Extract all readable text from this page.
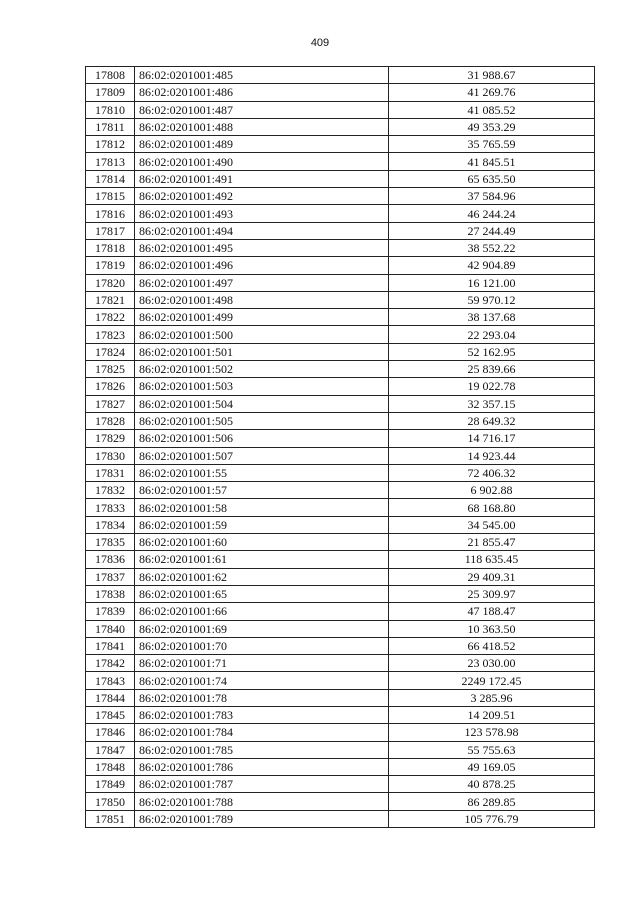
409
17808	86:02:0201001:485	31 988.67
17809	86:02:0201001:486	41 269.76
17810	86:02:0201001:487	41 085.52
17811	86:02:0201001:488	49 353.29
17812	86:02:0201001:489	35 765.59
17813	86:02:0201001:490	41 845.51
17814	86:02:0201001:491	65 635.50
17815	86:02:0201001:492	37 584.96
17816	86:02:0201001:493	46 244.24
17817	86:02:0201001:494	27 244.49
17818	86:02:0201001:495	38 552.22
17819	86:02:0201001:496	42 904.89
17820	86:02:0201001:497	16 121.00
17821	86:02:0201001:498	59 970.12
17822	86:02:0201001:499	38 137.68
17823	86:02:0201001:500	22 293.04
17824	86:02:0201001:501	52 162.95
17825	86:02:0201001:502	25 839.66
17826	86:02:0201001:503	19 022.78
17827	86:02:0201001:504	32 357.15
17828	86:02:0201001:505	28 649.32
17829	86:02:0201001:506	14 716.17
17830	86:02:0201001:507	14 923.44
17831	86:02:0201001:55	72 406.32
17832	86:02:0201001:57	6 902.88
17833	86:02:0201001:58	68 168.80
17834	86:02:0201001:59	34 545.00
17835	86:02:0201001:60	21 855.47
17836	86:02:0201001:61	118 635.45
17837	86:02:0201001:62	29 409.31
17838	86:02:0201001:65	25 309.97
17839	86:02:0201001:66	47 188.47
17840	86:02:0201001:69	10 363.50
17841	86:02:0201001:70	66 418.52
17842	86:02:0201001:71	23 030.00
17843	86:02:0201001:74	2249 172.45
17844	86:02:0201001:78	3 285.96
17845	86:02:0201001:783	14 209.51
17846	86:02:0201001:784	123 578.98
17847	86:02:0201001:785	55 755.63
17848	86:02:0201001:786	49 169.05
17849	86:02:0201001:787	40 878.25
17850	86:02:0201001:788	86 289.85
17851	86:02:0201001:789	105 776.79
